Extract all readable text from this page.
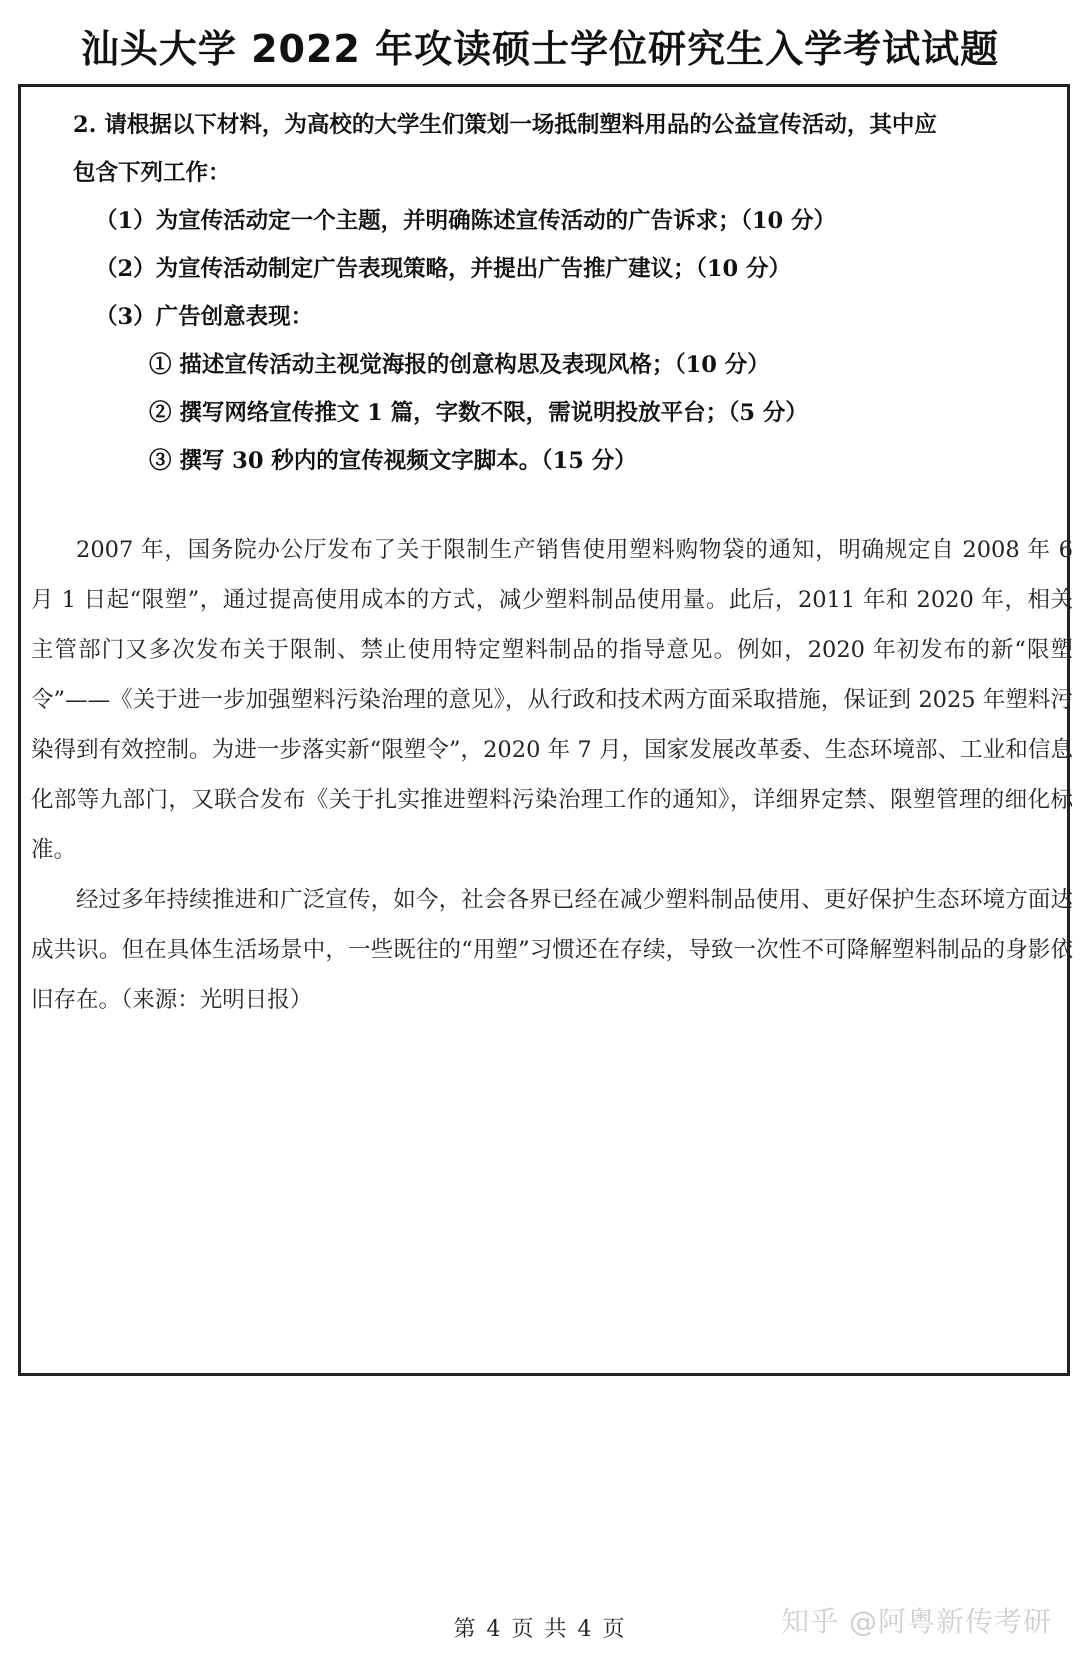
汕头大学 2022 年攻读硕士学位研究生入学考试试题
2. 请根据以下材料，为高校的大学生们策划一场抵制塑料用品的公益宣传活动，其中应
包含下列工作：
（1）为宣传活动定一个主题，并明确陈述宣传活动的广告诉求；（10 分）
（2）为宣传活动制定广告表现策略，并提出广告推广建议；（10 分）
（3）广告创意表现：
① 描述宣传活动主视觉海报的创意构思及表现风格；（10 分）
② 撰写网络宣传推文 1 篇，字数不限，需说明投放平台；（5 分）
③ 撰写 30 秒内的宣传视频文字脚本。（15 分）

2007 年，国务院办公厅发布了关于限制生产销售使用塑料购物袋的通知，明确规定自 2008 年 6 月 1 日起“限塑”，通过提高使用成本的方式，减少塑料制品使用量。此后，2011 年和 2020 年，相关主管部门又多次发布关于限制、禁止使用特定塑料制品的指导意见。例如，2020 年初发布的新“限塑令”——《关于进一步加强塑料污染治理的意见》，从行政和技术两方面采取措施，保证到 2025 年塑料污染得到有效控制。为进一步落实新“限塑令”，2020 年 7 月，国家发展改革委、生态环境部、工业和信息化部等九部门，又联合发布《关于扎实推进塑料污染治理工作的通知》，详细界定禁、限塑管理的细化标准。

经过多年持续推进和广泛宣传，如今，社会各界已经在减少塑料制品使用、更好保护生态环境方面达成共识。但在具体生活场景中，一些既往的“用塑”习惯还在存续，导致一次性不可降解塑料制品的身影依旧存在。（来源：光明日报）

第 4 页 共 4 页	知乎 @阿粤新传考研
